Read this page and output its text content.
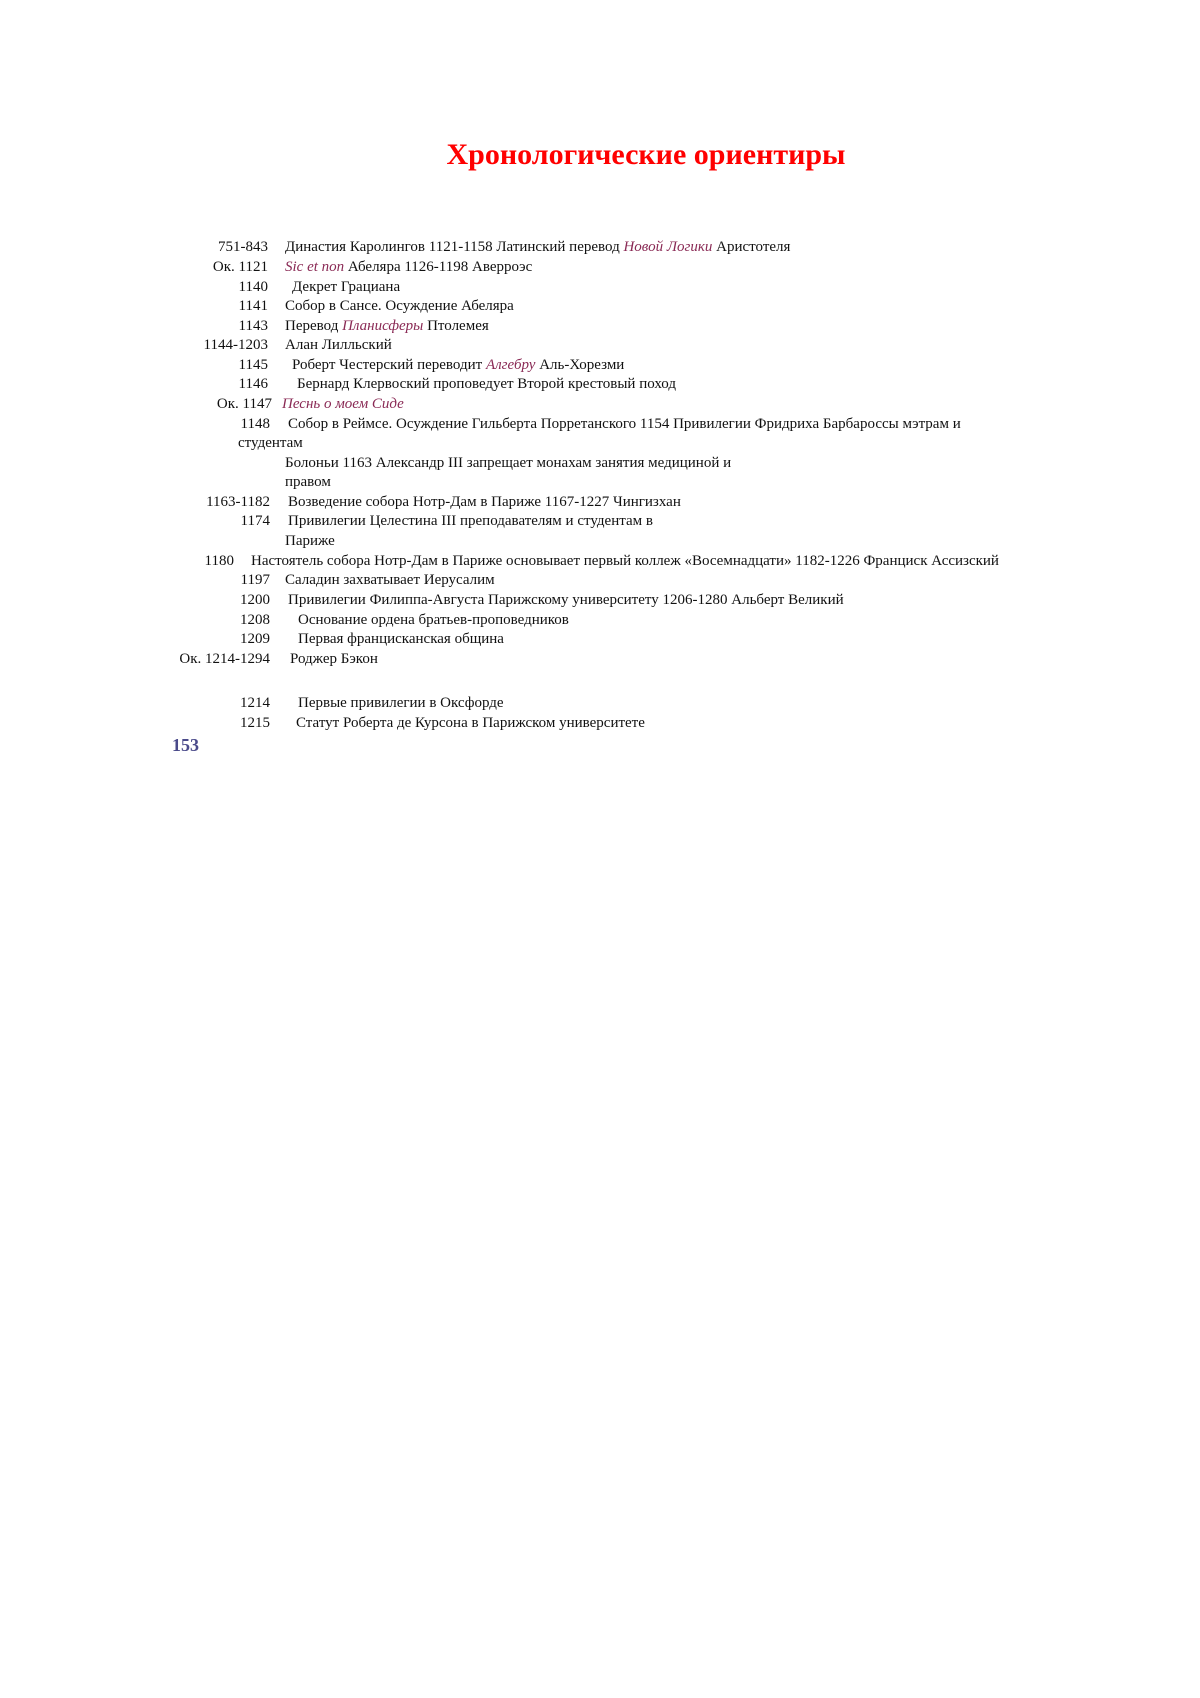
Хронологические ориентиры
751-843 Династия Каролингов 1121-1158 Латинский перевод Новой Логики Аристотеля
Ок. 1121 Sic et non Абеляра 1126-1198 Аверроэс
1140 Декрет Грациана
1141 Собор в Сансе. Осуждение Абеляра
1143 Перевод Планисферы Птолемея
1144-1203 Алан Лилльский
1145 Роберт Честерский переводит Алгебру Аль-Хорезми
1146 Бернард Клервоский проповедует Второй крестовый поход
Ок. 1147 Песнь о моем Сиде
1148 Собор в Реймсе. Осуждение Гильберта Порретанского 1154 Привилегии Фридриха Барбароссы мэтрам и
студентам
Болоньи 1163 Александр III запрещает монахам занятия медициной и
правом
1163-1182 Возведение собора Нотр-Дам в Париже 1167-1227 Чингизхан
1174 Привилегии Целестина III преподавателям и студентам в
Париже
1180 Настоятель собора Нотр-Дам в Париже основывает первый коллеж «Восемнадцати» 1182-1226 Франциск Ассизский
1197 Саладин захватывает Иерусалим
1200 Привилегии Филиппа-Августа Парижскому университету 1206-1280 Альберт Великий
1208 Основание ордена братьев-проповедников
1209 Первая францисканская община
Ок. 1214-1294 Роджер Бэкон
1214 Первые привилегии в Оксфорде
1215 Статут Роберта де Курсона в Парижском университете
153
